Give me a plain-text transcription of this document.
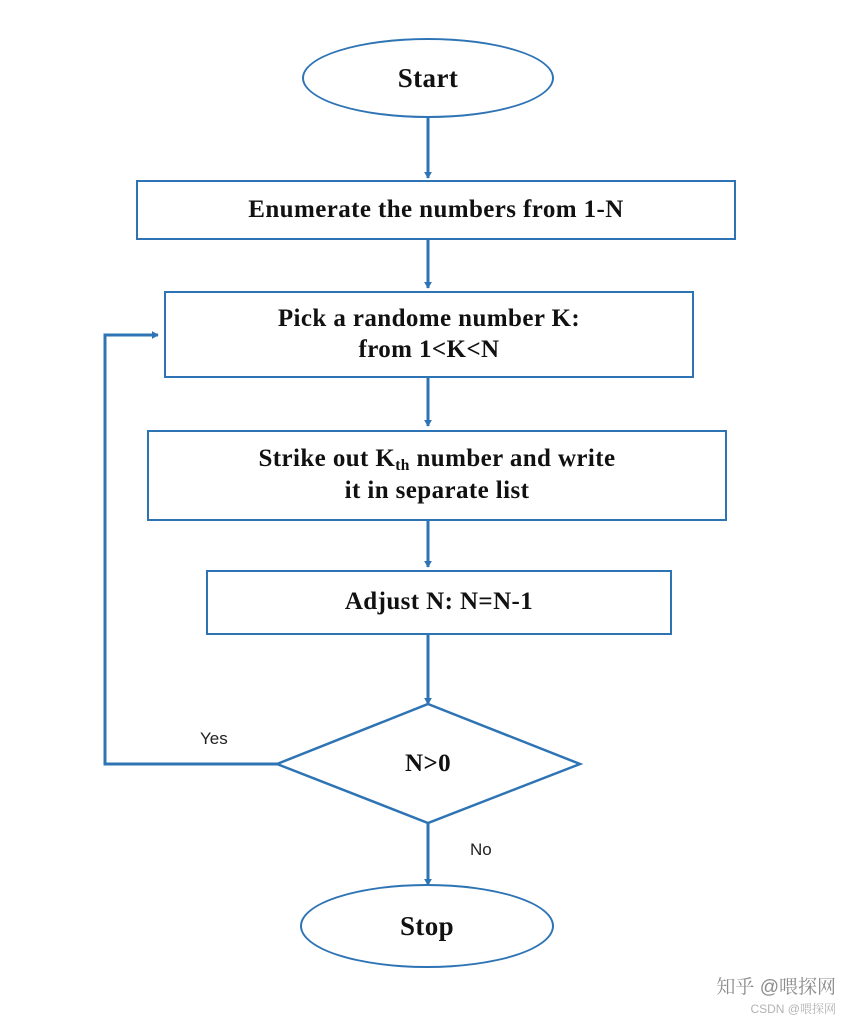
Start
Enumerate the numbers from 1-N
Pick a randome number K:
from 1<K<N
Strike out $K_{th}$ number and write
it in separate list
Adjust N: N=N-1
N>0
Stop
Yes
No
知乎 @喂探网
CSDN @喂探网
